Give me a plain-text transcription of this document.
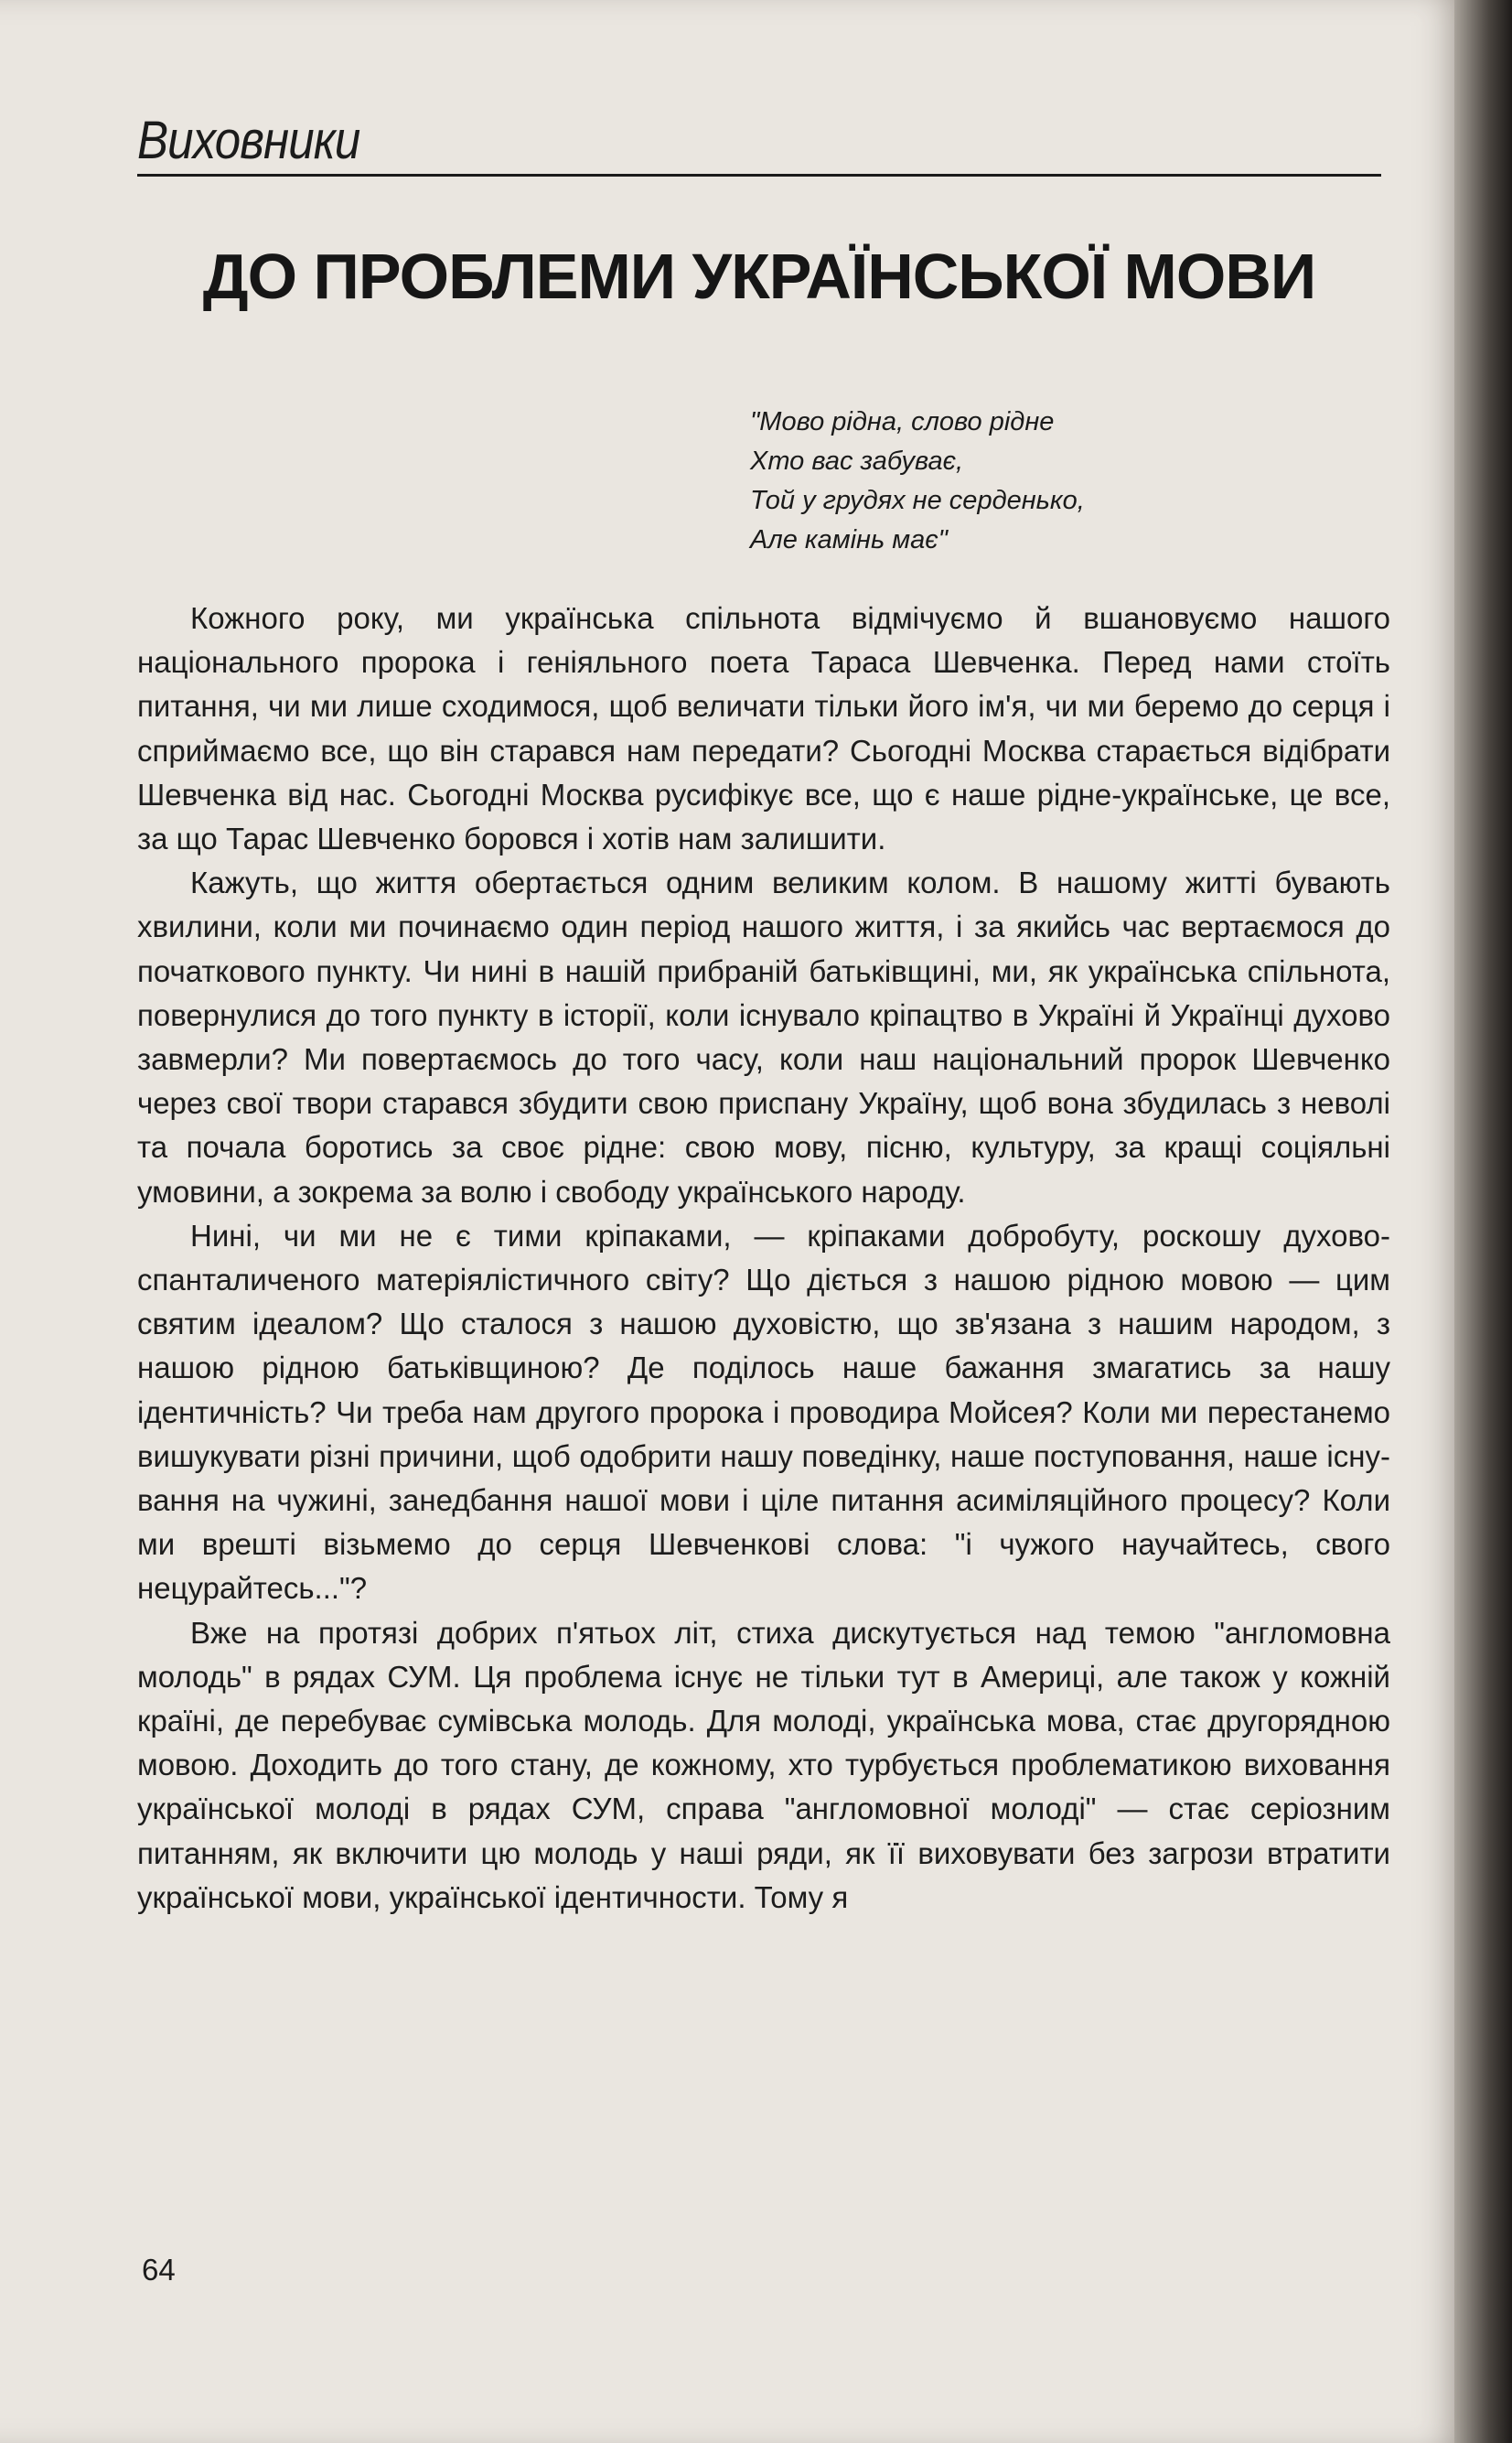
Виховники
ДО ПРОБЛЕМИ УКРАЇНСЬКОЇ МОВИ
"Мово рідна, слово рідне
Хто вас забуває,
Той у грудях не серденько,
Але камінь має"

Кожного року, ми українська спільнота відмічуємо й вшановуємо нашого національного пророка і геніяльного поета Тараса Шевченка. Перед нами стоїть питання, чи ми лише сходимося, щоб величати тільки його ім'я, чи ми беремо до серця і сприймаємо все, що він старався нам передати? Сьогодні Москва старається відібрати Шевченка від нас. Сьогодні Москва русифікує все, що є наше рідне-українське, це все, за що Тарас Шевченко боровся і хотів нам залишити.

Кажуть, що життя обертається одним великим колом. В нашому житті бувають хвилини, коли ми починаємо один період нашого життя, і за якийсь час вертаємося до початкового пункту. Чи нині в нашій прибраній батьківщині, ми, як українська спільнота, повернулися до того пункту в історії, коли існувало кріпацтво в Україні й Українці духово завмерли? Ми повертаємось до того часу, коли наш національний пророк Шевченко через свої твори старався збудити свою приспану Україну, щоб вона збудилась з неволі та почала боротись за своє рідне: свою мову, пісню, культуру, за кращі соціяльні умовини, а зокрема за волю і свободу українського народу.

Нині, чи ми не є тими кріпаками, — кріпаками добробуту, роскошу духово-спанталиченого матеріялістичного світу? Що діється з нашою рідною мовою — цим святим ідеалом? Що сталося з нашою духовістю, що зв'язана з нашим народом, з нашою рідною батьківщиною? Де поділось наше бажання змагатись за нашу ідентичність? Чи треба нам другого пророка і проводира Мойсея? Коли ми перестанемо вишукувати різні причини, щоб одобрити нашу поведінку, наше поступовання, наше існування на чужині, занедбання нашої мови і ціле питання асиміляційного процесу? Коли ми врешті візьмемо до серця Шевченкові слова: "і чужого научайтесь, свого нецурайтесь..."?

Вже на протязі добрих п'ятьох літ, стиха дискутується над темою "англомовна молодь" в рядах СУМ. Ця проблема існує не тільки тут в Америці, але також у кожній країні, де перебуває сумівська молодь. Для молоді, українська мова, стає другорядною мовою. Доходить до того стану, де кожному, хто турбується проблематикою виховання української молоді в рядах СУМ, справа "англомовної молоді" — стає серіозним питанням, як включити цю молодь у наші ряди, як її виховувати без загрози втратити української мови, української ідентичности. Тому я

64
